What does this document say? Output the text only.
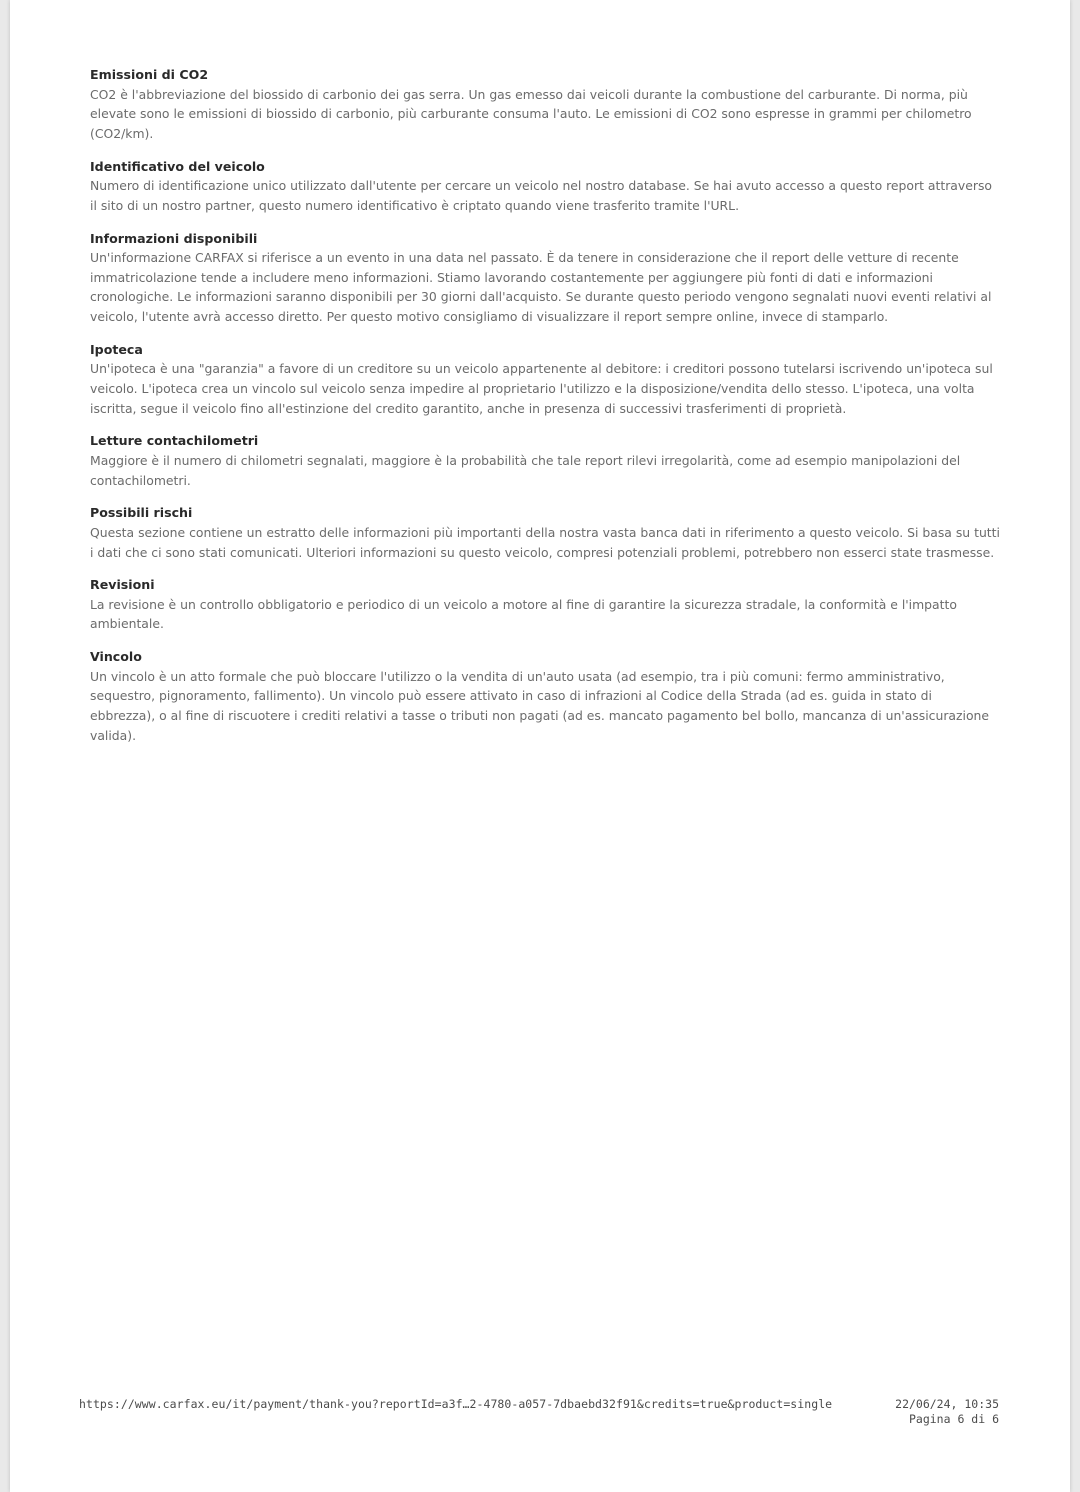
Emissioni di CO2

CO2 è l'abbreviazione del biossido di carbonio dei gas serra. Un gas emesso dai veicoli durante la combustione del carburante. Di norma, più elevate sono le emissioni di biossido di carbonio, più carburante consuma l'auto. Le emissioni di CO2 sono espresse in grammi per chilometro (CO2/km).

Identificativo del veicolo

Numero di identificazione unico utilizzato dall'utente per cercare un veicolo nel nostro database. Se hai avuto accesso a questo report attraverso il sito di un nostro partner, questo numero identificativo è criptato quando viene trasferito tramite l'URL.

Informazioni disponibili

Un'informazione CARFAX si riferisce a un evento in una data nel passato. È da tenere in considerazione che il report delle vetture di recente immatricolazione tende a includere meno informazioni. Stiamo lavorando costantemente per aggiungere più fonti di dati e informazioni cronologiche. Le informazioni saranno disponibili per 30 giorni dall'acquisto. Se durante questo periodo vengono segnalati nuovi eventi relativi al veicolo, l'utente avrà accesso diretto. Per questo motivo consigliamo di visualizzare il report sempre online, invece di stamparlo.

Ipoteca

Un'ipoteca è una "garanzia" a favore di un creditore su un veicolo appartenente al debitore: i creditori possono tutelarsi iscrivendo un'ipoteca sul veicolo. L'ipoteca crea un vincolo sul veicolo senza impedire al proprietario l'utilizzo e la disposizione/vendita dello stesso. L'ipoteca, una volta iscritta, segue il veicolo fino all'estinzione del credito garantito, anche in presenza di successivi trasferimenti di proprietà.

Letture contachilometri

Maggiore è il numero di chilometri segnalati, maggiore è la probabilità che tale report rilevi irregolarità, come ad esempio manipolazioni del contachilometri.

Possibili rischi

Questa sezione contiene un estratto delle informazioni più importanti della nostra vasta banca dati in riferimento a questo veicolo. Si basa su tutti i dati che ci sono stati comunicati. Ulteriori informazioni su questo veicolo, compresi potenziali problemi, potrebbero non esserci state trasmesse.

Revisioni

La revisione è un controllo obbligatorio e periodico di un veicolo a motore al fine di garantire la sicurezza stradale, la conformità e l'impatto ambientale.

Vincolo

Un vincolo è un atto formale che può bloccare l'utilizzo o la vendita di un'auto usata (ad esempio, tra i più comuni: fermo amministrativo, sequestro, pignoramento, fallimento). Un vincolo può essere attivato in caso di infrazioni al Codice della Strada (ad es. guida in stato di ebbrezza), o al fine di riscuotere i crediti relativi a tasse o tributi non pagati (ad es. mancato pagamento bel bollo, mancanza di un'assicurazione valida).

https://www.carfax.eu/it/payment/thank-you?reportId=a3f…2-4780-a057-7dbaebd32f91&credits=true&product=single	22/06/24, 10:35
Pagina 6 di 6
